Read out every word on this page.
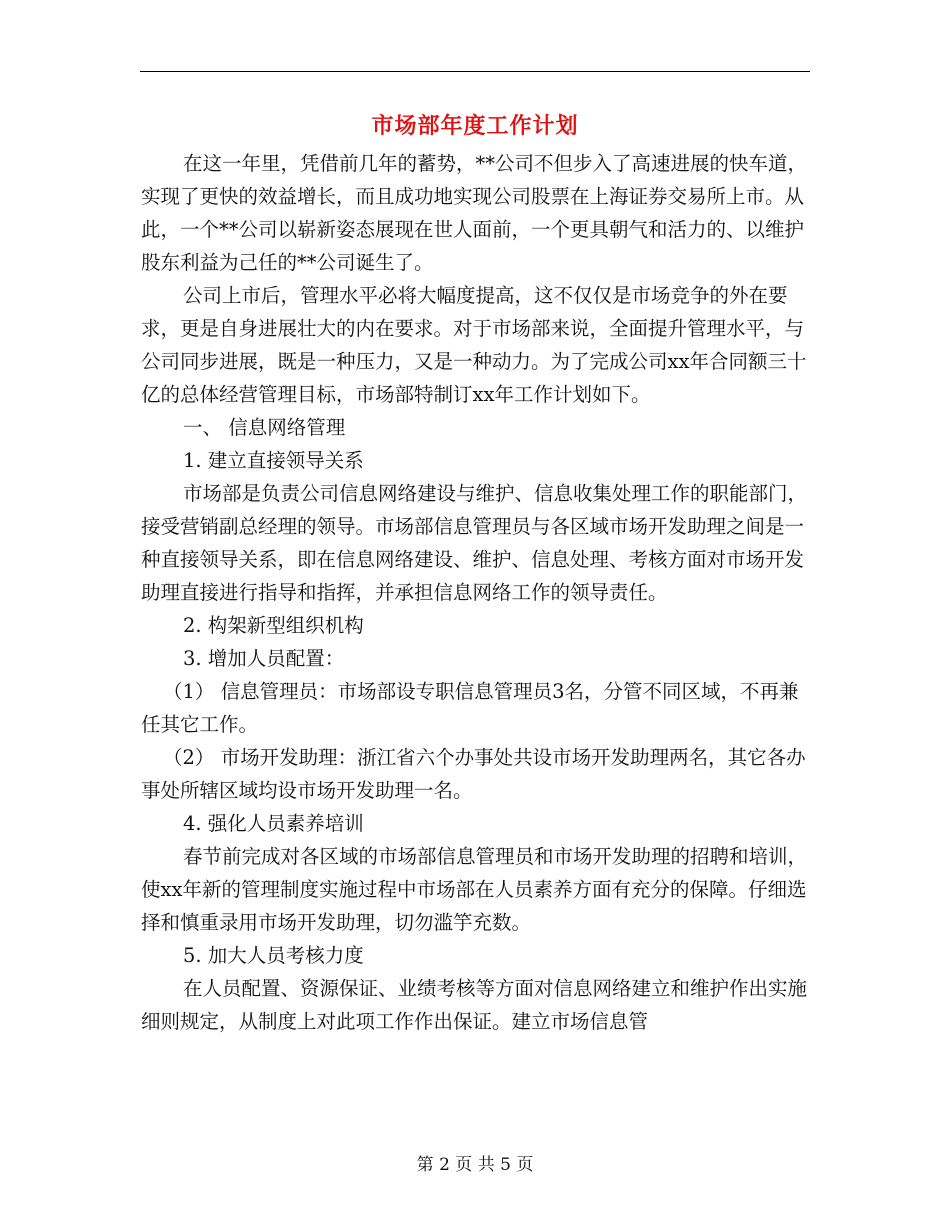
市场部年度工作计划

在这一年里，凭借前几年的蓄势，**公司不但步入了高速进展的快车道，实现了更快的效益增长，而且成功地实现公司股票在上海证券交易所上市。从此，一个**公司以崭新姿态展现在世人面前，一个更具朝气和活力的、以维护股东利益为己任的**公司诞生了。

公司上市后，管理水平必将大幅度提高，这不仅仅是市场竞争的外在要求，更是自身进展壮大的内在要求。对于市场部来说，全面提升管理水平，与公司同步进展，既是一种压力，又是一种动力。为了完成公司xx年合同额三十亿的总体经营管理目标，市场部特制订xx年工作计划如下。

一、 信息网络管理

1. 建立直接领导关系

市场部是负责公司信息网络建设与维护、信息收集处理工作的职能部门，接受营销副总经理的领导。市场部信息管理员与各区域市场开发助理之间是一种直接领导关系，即在信息网络建设、维护、信息处理、考核方面对市场开发助理直接进行指导和指挥，并承担信息网络工作的领导责任。

2. 构架新型组织机构

3. 增加人员配置：

（1） 信息管理员：市场部设专职信息管理员3名，分管不同区域，不再兼任其它工作。

（2） 市场开发助理：浙江省六个办事处共设市场开发助理两名，其它各办事处所辖区域均设市场开发助理一名。

4. 强化人员素养培训

春节前完成对各区域的市场部信息管理员和市场开发助理的招聘和培训，使xx年新的管理制度实施过程中市场部在人员素养方面有充分的保障。仔细选择和慎重录用市场开发助理，切勿滥竽充数。

5. 加大人员考核力度

在人员配置、资源保证、业绩考核等方面对信息网络建立和维护作出实施细则规定，从制度上对此项工作作出保证。建立市场信息管

第 2 页 共 5 页
